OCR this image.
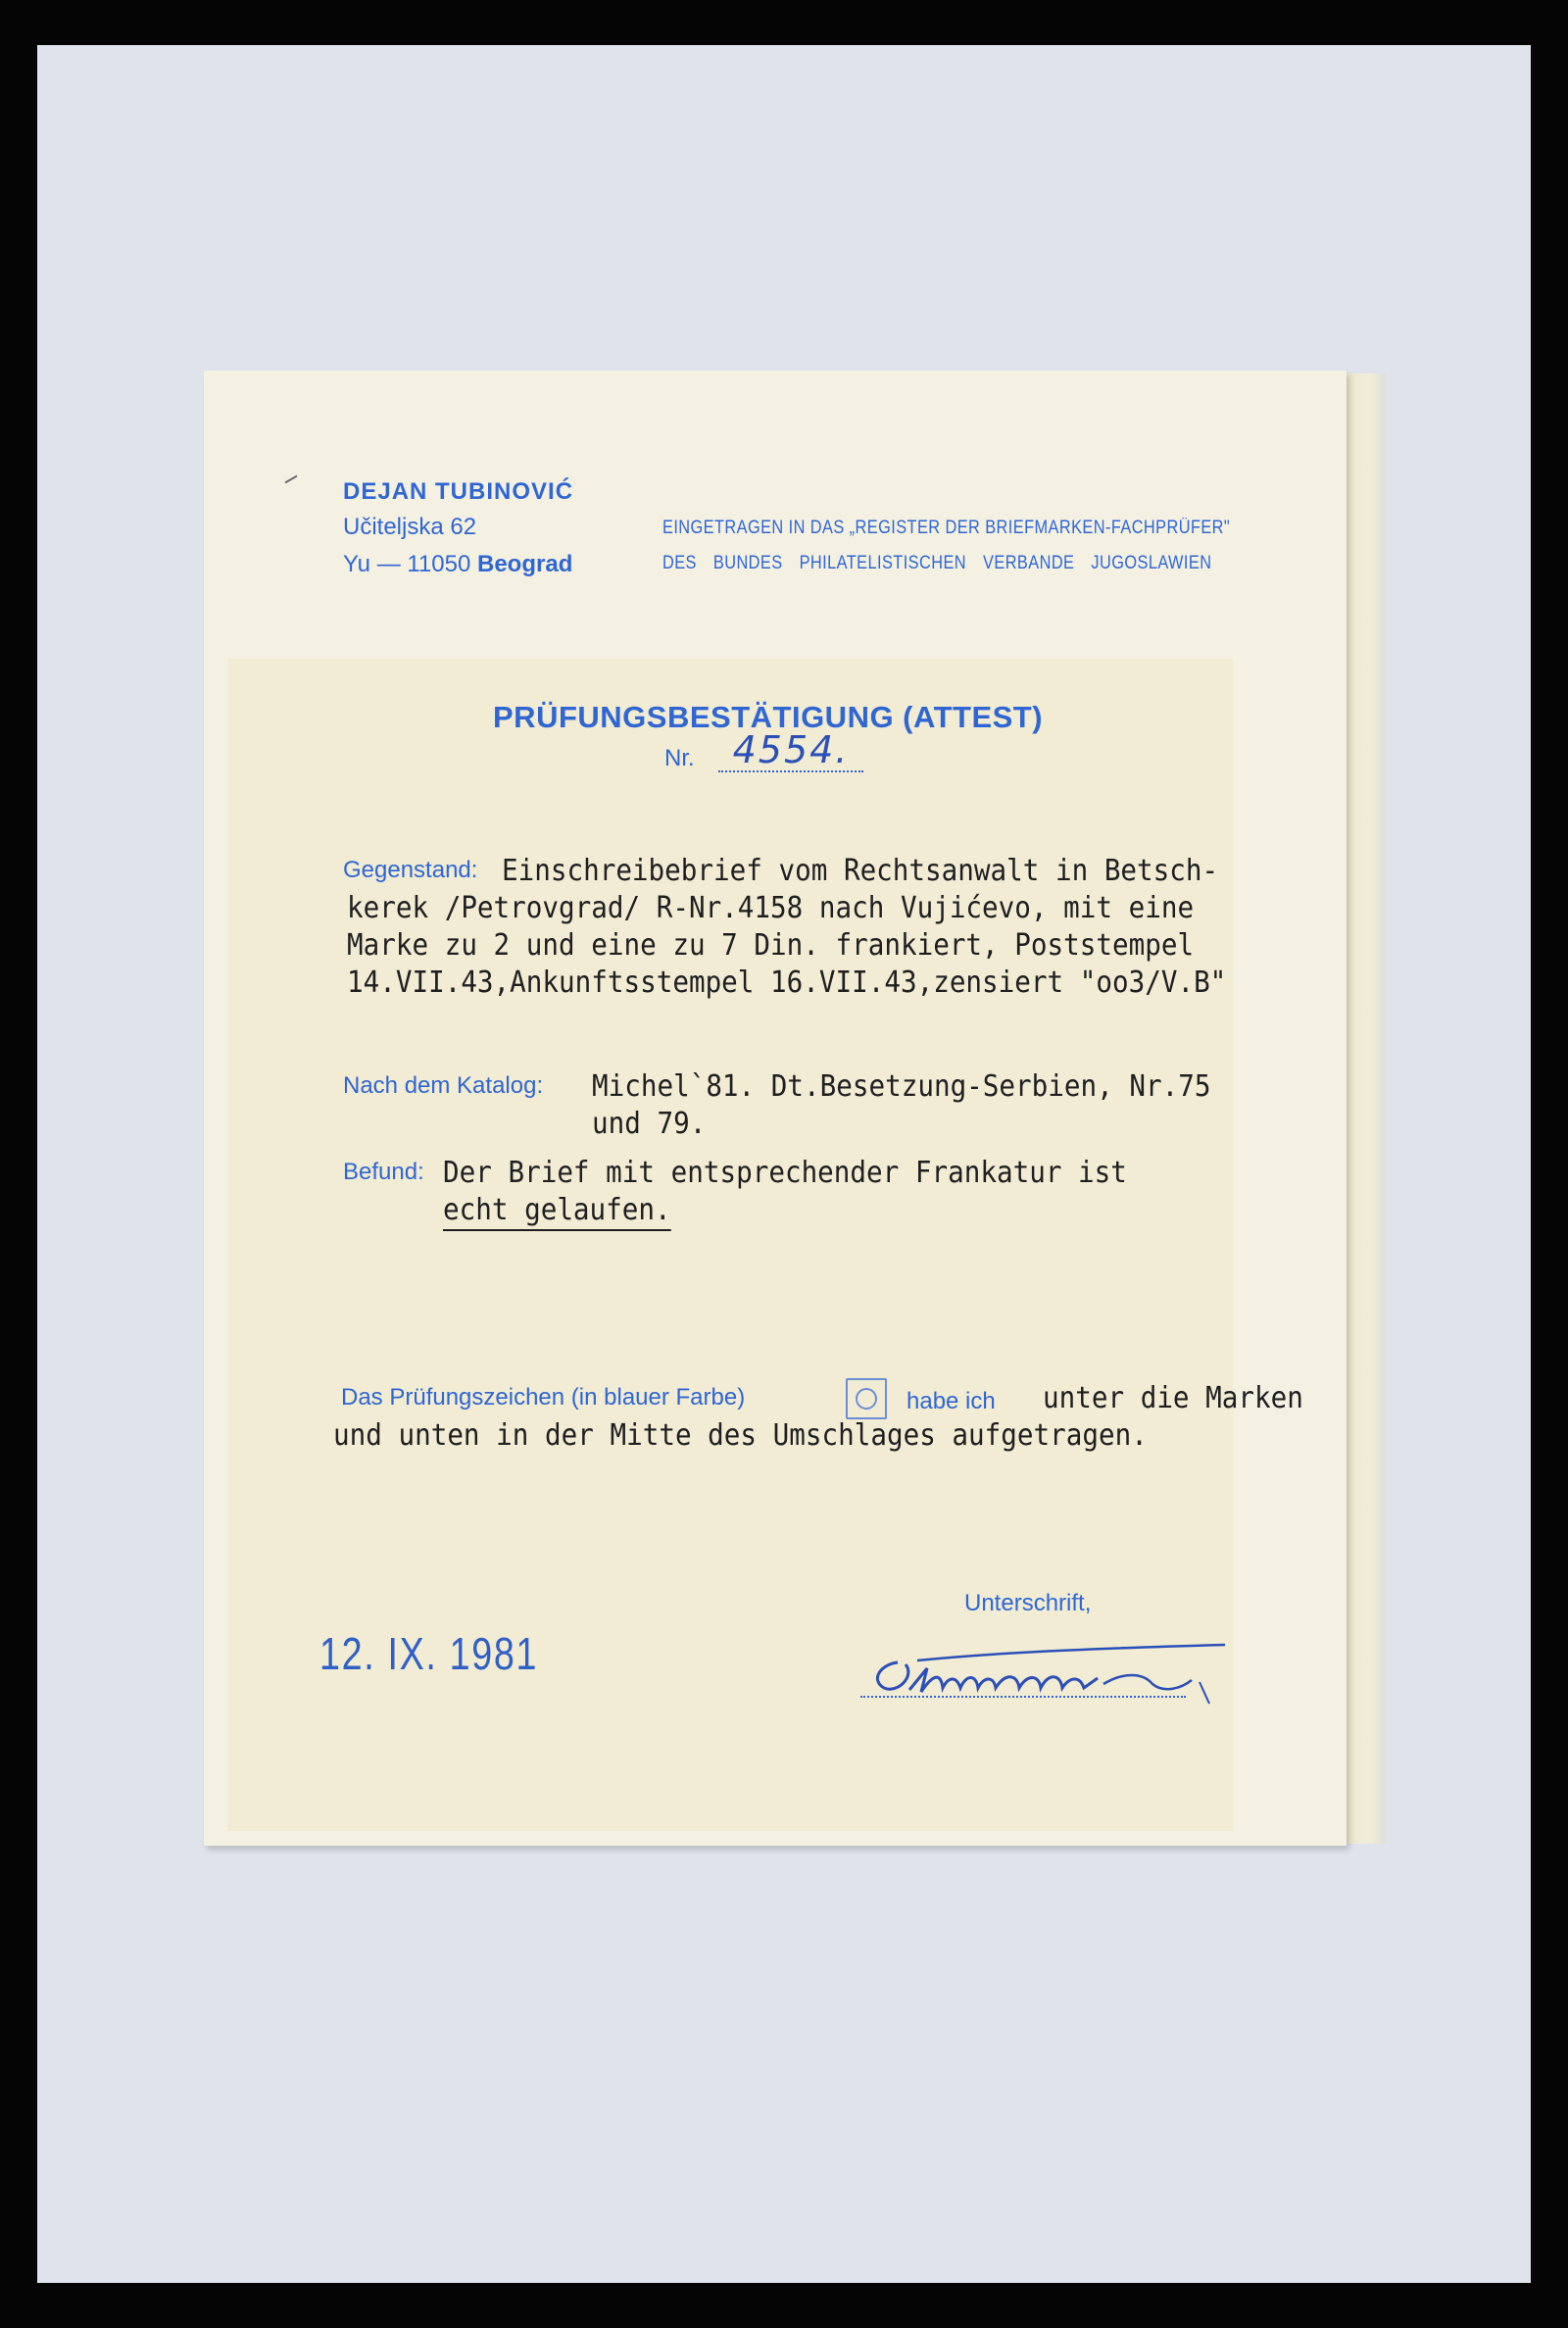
DEJAN TUBINOVIĆ
Učiteljska 62
Yu — 11050 Beograd
EINGETRAGEN IN DAS „REGISTER DER BRIEFMARKEN-FACHPRÜFER"
DES BUNDES PHILATELISTISCHEN VERBANDE JUGOSLAWIEN
PRÜFUNGSBESTÄTIGUNG (ATTEST)
Nr.	4554.
Gegenstand: Einschreibebrief vom Rechtsanwalt in Betsch-
kerek /Petrovgrad/ R-Nr.4158 nach Vujićevo, mit eine
Marke zu 2 und eine zu 7 Din. frankiert, Poststempel
14.VII.43,Ankunftsstempel 16.VII.43,zensiert "oo3/V.B"
Nach dem Katalog: Michel`81. Dt.Besetzung-Serbien, Nr.75
und 79.
Befund: Der Brief mit entsprechender Frankatur ist
echt gelaufen.
Das Prüfungszeichen (in blauer Farbe)	habe ich unter die Marken
und unten in der Mitte des Umschlages aufgetragen.
Unterschrift,
12. IX. 1981
